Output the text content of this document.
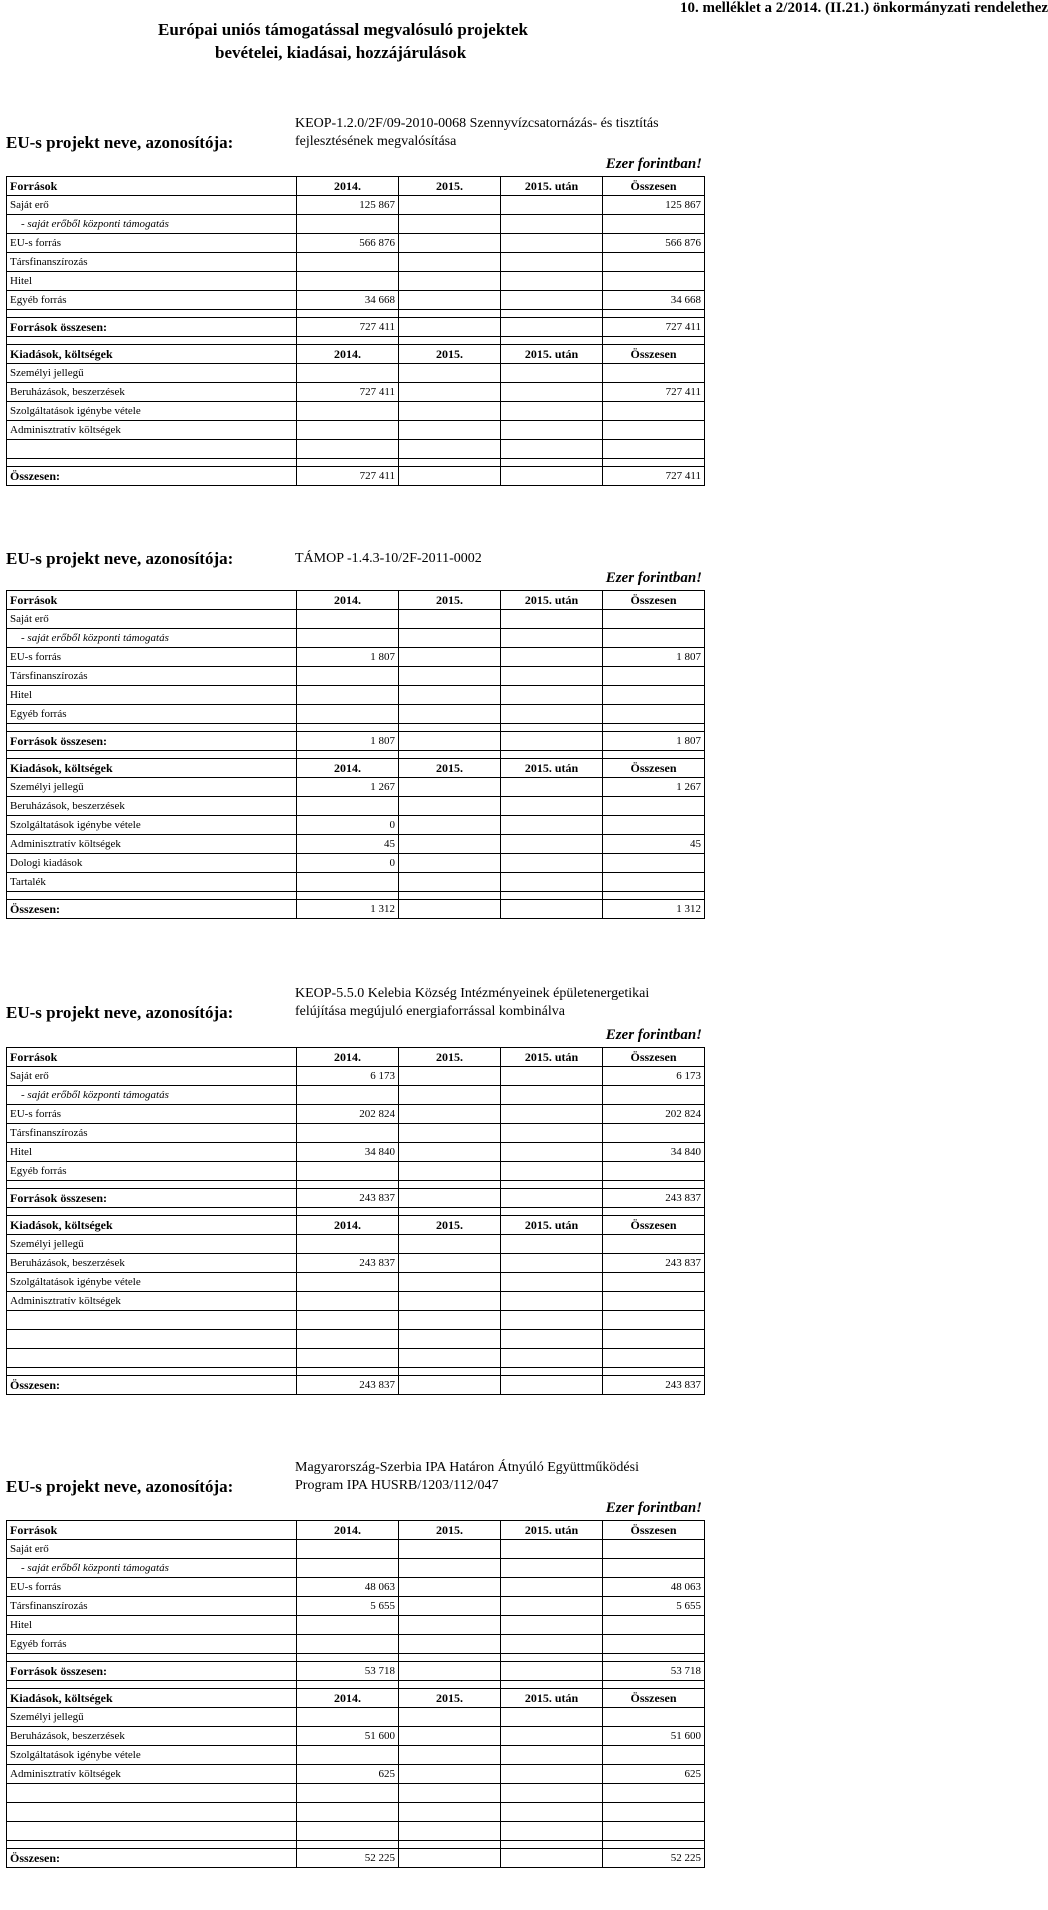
10. melléklet a 2/2014. (II.21.) önkormányzati rendelethez
Európai uniós támogatással megvalósuló projektek
bevételei, kiadásai, hozzájárulások
EU-s projekt neve, azonosítója:
KEOP-1.2.0/2F/09-2010-0068 Szennyvízcsatornázás- és tisztítás
fejlesztésének megvalósítása
Ezer forintban!
Források	2014.	2015.	2015. után	Összesen
Saját erő	125 867			125 867
- saját erőből központi támogatás				
EU-s forrás	566 876			566 876
Társfinanszírozás				
Hitel				
Egyéb forrás	34 668			34 668

Források összesen:	727 411			727 411

Kiadások, költségek	2014.	2015.	2015. után	Összesen
Személyi jellegű				
Beruházások, beszerzések	727 411			727 411
Szolgáltatások igénybe vétele				
Adminisztratív költségek				

Összesen:	727 411			727 411
EU-s projekt neve, azonosítója:	TÁMOP -1.4.3-10/2F-2011-0002
Ezer forintban!
Források	2014.	2015.	2015. után	Összesen
Saját erő				
- saját erőből központi támogatás				
EU-s forrás	1 807			1 807
Társfinanszírozás				
Hitel				
Egyéb forrás				

Források összesen:	1 807			1 807

Kiadások, költségek	2014.	2015.	2015. után	Összesen
Személyi jellegű	1 267			1 267
Beruházások, beszerzések				
Szolgáltatások igénybe vétele	0			
Adminisztratív költségek	45			45
Dologi kiadások	0			
Tartalék				

Összesen:	1 312			1 312
EU-s projekt neve, azonosítója:
KEOP-5.5.0 Kelebia Község Intézményeinek épületenergetikai
felújítása megújuló energiaforrással kombinálva
Ezer forintban!
Források	2014.	2015.	2015. után	Összesen
Saját erő	6 173			6 173
- saját erőből központi támogatás				
EU-s forrás	202 824			202 824
Társfinanszírozás				
Hitel	34 840			34 840
Egyéb forrás				

Források összesen:	243 837			243 837

Kiadások, költségek	2014.	2015.	2015. után	Összesen
Személyi jellegű				
Beruházások, beszerzések	243 837			243 837
Szolgáltatások igénybe vétele				
Adminisztratív költségek				

Összesen:	243 837			243 837
EU-s projekt neve, azonosítója:
Magyarország-Szerbia IPA Határon Átnyúló Együttműködési
Program IPA HUSRB/1203/112/047
Ezer forintban!
Források	2014.	2015.	2015. után	Összesen
Saját erő				
- saját erőből központi támogatás				
EU-s forrás	48 063			48 063
Társfinanszírozás	5 655			5 655
Hitel				
Egyéb forrás				

Források összesen:	53 718			53 718

Kiadások, költségek	2014.	2015.	2015. után	Összesen
Személyi jellegű				
Beruházások, beszerzések	51 600			51 600
Szolgáltatások igénybe vétele				
Adminisztratív költségek	625			625

Összesen:	52 225			52 225
